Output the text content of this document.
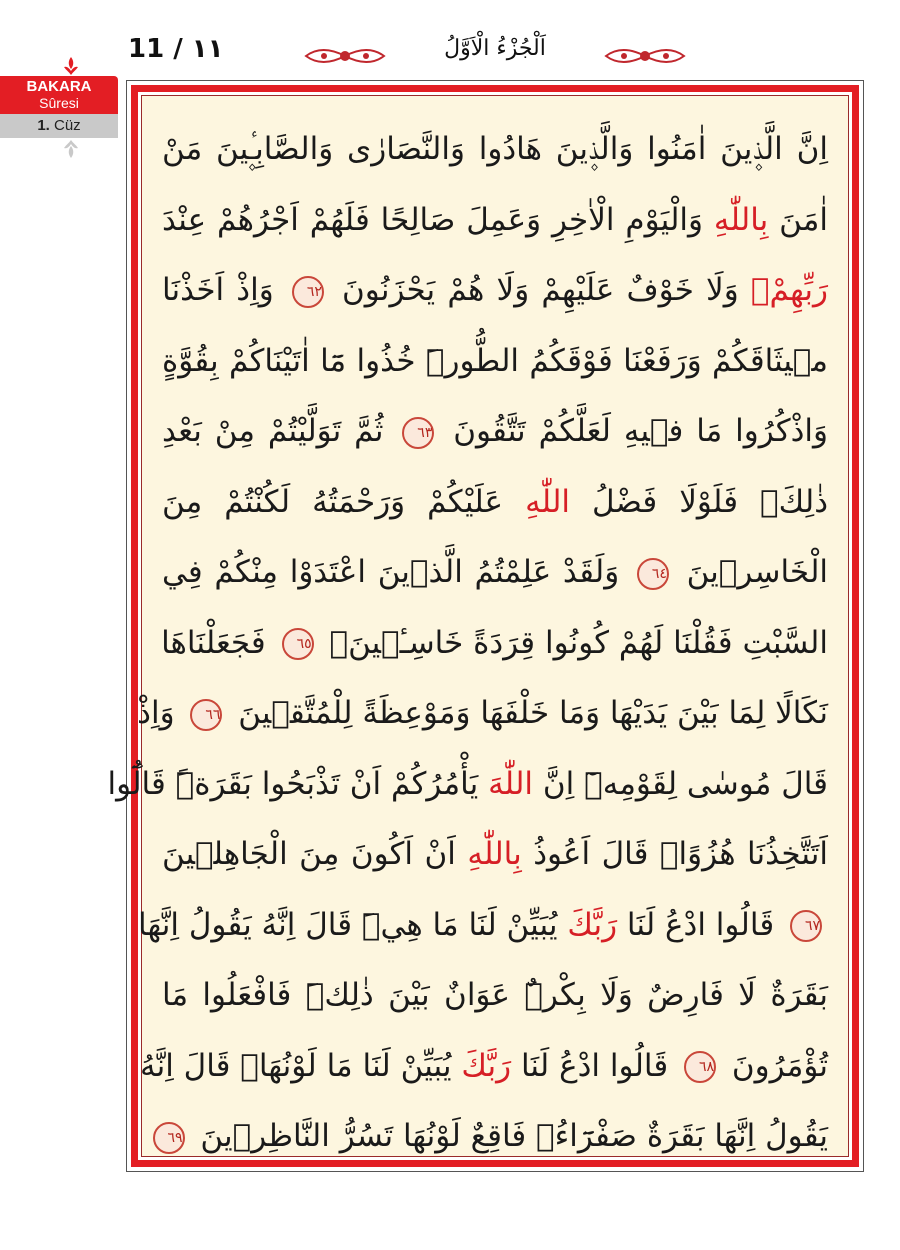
١١ / 11	اَلْجُزْءُ الْاَوَّلُ
BAKARA
Sûresi
1. Cüz
اِنَّ الَّذ۪ينَ اٰمَنُوا وَالَّذ۪ينَ هَادُوا وَالنَّصَارٰى وَالصَّابِـ۪ٔينَ مَنْ
اٰمَنَ بِاللّٰهِ وَالْيَوْمِ الْاٰخِرِ وَعَمِلَ صَالِحًا فَلَهُمْ اَجْرُهُمْ عِنْدَ
رَبِّهِمْۚ وَلَا خَوْفٌ عَلَيْهِمْ وَلَا هُمْ يَحْزَنُونَ ٦٢ وَاِذْ اَخَذْنَا
م۪يثَاقَكُمْ وَرَفَعْنَا فَوْقَكُمُ الطُّورَۜ خُذُوا مَٓا اٰتَيْنَاكُمْ بِقُوَّةٍ
وَاذْكُرُوا مَا ف۪يهِ لَعَلَّكُمْ تَتَّقُونَ ٦٣ ثُمَّ تَوَلَّيْتُمْ مِنْ بَعْدِ
ذٰلِكَۚ فَلَوْلَا فَضْلُ اللّٰهِ عَلَيْكُمْ وَرَحْمَتُهُ لَكُنْتُمْ مِنَ
الْخَاسِر۪ينَ ٦٤ وَلَقَدْ عَلِمْتُمُ الَّذ۪ينَ اعْتَدَوْا مِنْكُمْ فِي
السَّبْتِ فَقُلْنَا لَهُمْ كُونُوا قِرَدَةً خَاسِـ۪ٔينَۚ ٦٥ فَجَعَلْنَاهَا
نَكَالًا لِمَا بَيْنَ يَدَيْهَا وَمَا خَلْفَهَا وَمَوْعِظَةً لِلْمُتَّق۪ينَ ٦٦ وَاِذْ
قَالَ مُوسٰى لِقَوْمِه۪ٓ اِنَّ اللّٰهَ يَأْمُرُكُمْ اَنْ تَذْبَحُوا بَقَرَةًۜ قَالُٓوا
اَتَتَّخِذُنَا هُزُوًاۜ قَالَ اَعُوذُ بِاللّٰهِ اَنْ اَكُونَ مِنَ الْجَاهِل۪ينَ
٦٧ قَالُوا ادْعُ لَنَا رَبَّكَ يُبَيِّنْ لَنَا مَا هِيَۜ قَالَ اِنَّهُ يَقُولُ اِنَّهَا
بَقَرَةٌ لَا فَارِضٌ وَلَا بِكْرٌۜ عَوَانٌ بَيْنَ ذٰلِكَۜ فَافْعَلُوا مَا
تُؤْمَرُونَ ٦٨ قَالُوا ادْعُ لَنَا رَبَّكَ يُبَيِّنْ لَنَا مَا لَوْنُهَاۜ قَالَ اِنَّهُ
يَقُولُ اِنَّهَا بَقَرَةٌ صَفْرَٓاءُۙ فَاقِعٌ لَوْنُهَا تَسُرُّ النَّاظِر۪ينَ ٦٩
